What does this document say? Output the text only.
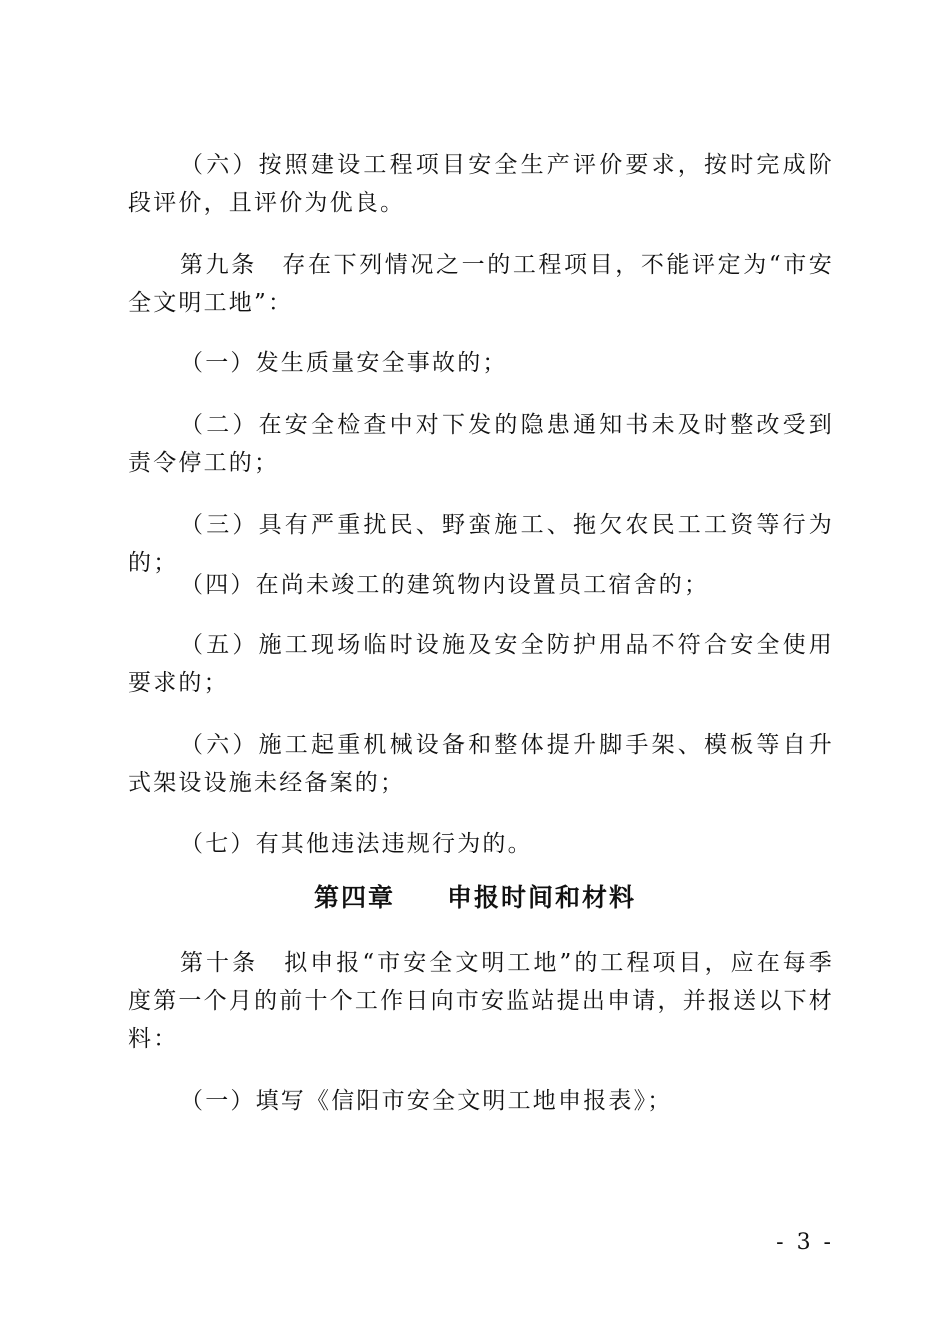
（六）按照建设工程项目安全生产评价要求，按时完成阶段评价，且评价为优良。

第九条　存在下列情况之一的工程项目，不能评定为“市安全文明工地”：

（一）发生质量安全事故的；

（二）在安全检查中对下发的隐患通知书未及时整改受到责令停工的；

（三）具有严重扰民、野蛮施工、拖欠农民工工资等行为的；

（四）在尚未竣工的建筑物内设置员工宿舍的；

（五）施工现场临时设施及安全防护用品不符合安全使用要求的；

（六）施工起重机械设备和整体提升脚手架、模板等自升式架设设施未经备案的；

（七）有其他违法违规行为的。

第四章 申报时间和材料

第十条　拟申报“市安全文明工地”的工程项目，应在每季度第一个月的前十个工作日向市安监站提出申请，并报送以下材料：

（一）填写《信阳市安全文明工地申报表》；

- 3 -
